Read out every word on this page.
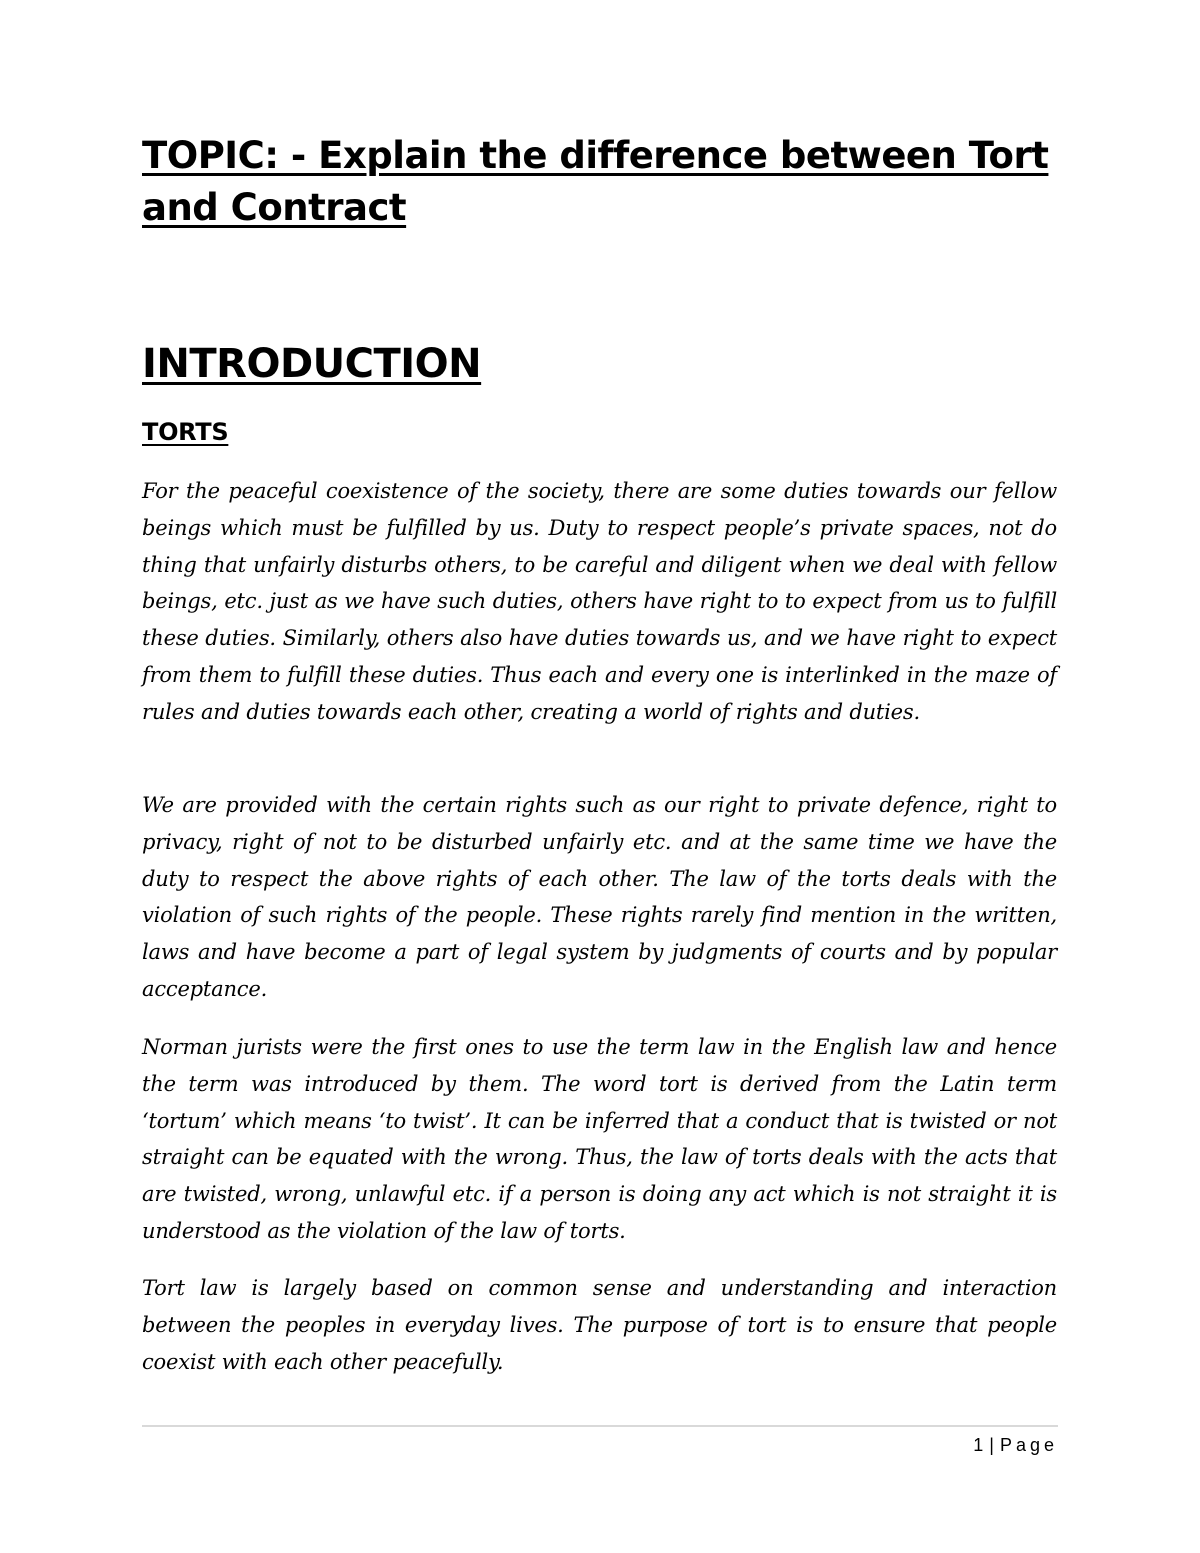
TOPIC: - Explain the difference between Tort and Contract
INTRODUCTION
TORTS

For the peaceful coexistence of the society, there are some duties towards our fellow beings which must be fulfilled by us. Duty to respect people’s private spaces, not do thing that unfairly disturbs others, to be careful and diligent when we deal with fellow beings, etc. just as we have such duties, others have right to to expect from us to fulfill these duties. Similarly, others also have duties towards us, and we have right to expect from them to fulfill these duties. Thus each and every one is interlinked in the maze of rules and duties towards each other, creating a world of rights and duties.

We are provided with the certain rights such as our right to private defence, right to privacy, right of not to be disturbed unfairly etc. and at the same time we have the duty to respect the above rights of each other. The law of the torts deals with the violation of such rights of the people. These rights rarely find mention in the written, laws and have become a part of legal system by judgments of courts and by popular acceptance.

Norman jurists were the first ones to use the term law in the English law and hence the term was introduced by them. The word tort is derived from the Latin term ‘tortum’ which means ‘to twist’. It can be inferred that a conduct that is twisted or not straight can be equated with the wrong. Thus, the law of torts deals with the acts that are twisted, wrong, unlawful etc. if a person is doing any act which is not straight it is understood as the violation of the law of torts.

Tort law is largely based on common sense and understanding and interaction between the peoples in everyday lives. The purpose of tort is to ensure that people coexist with each other peacefully.

1 | Page
